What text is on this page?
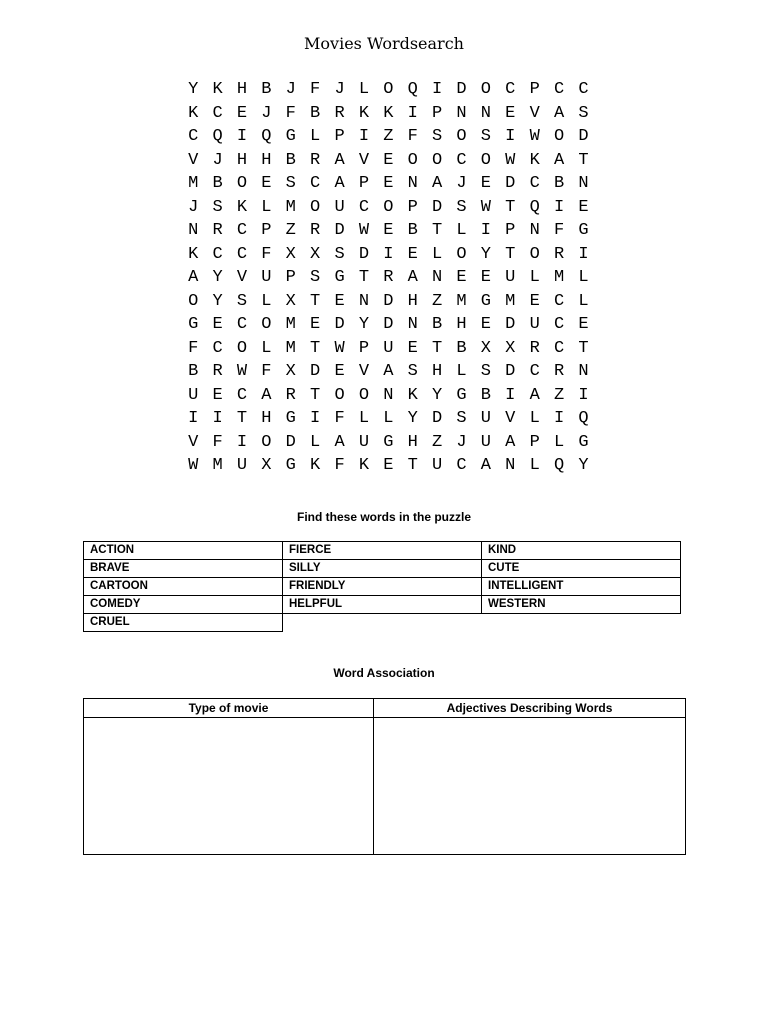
Movies Wordsearch
Y K H B J F J L O Q I D O C P C C
K C E J F B R K K I P N N E V A S
C Q I Q G L P I Z F S O S I W O D
V J H H B R A V E O O C O W K A T
M B O E S C A P E N A J E D C B N
J S K L M O U C O P D S W T Q I E
N R C P Z R D W E B T L I P N F G
K C C F X X S D I E L O Y T O R I
A Y V U P S G T R A N E E U L M L
O Y S L X T E N D H Z M G M E C L
G E C O M E D Y D N B H E D U C E
F C O L M T W P U E T B X X R C T
B R W F X D E V A S H L S D C R N
U E C A R T O O N K Y G B I A Z I
I I T H G I F L L Y D S U V L I Q
V F I O D L A U G H Z J U A P L G
W M U X G K F K E T U C A N L Q Y
Find these words in the puzzle
ACTION	FIERCE	KIND
BRAVE	SILLY	CUTE
CARTOON	FRIENDLY	INTELLIGENT
COMEDY	HELPFUL	WESTERN
CRUEL		
Word Association
Type of movie	Adjectives Describing Words
